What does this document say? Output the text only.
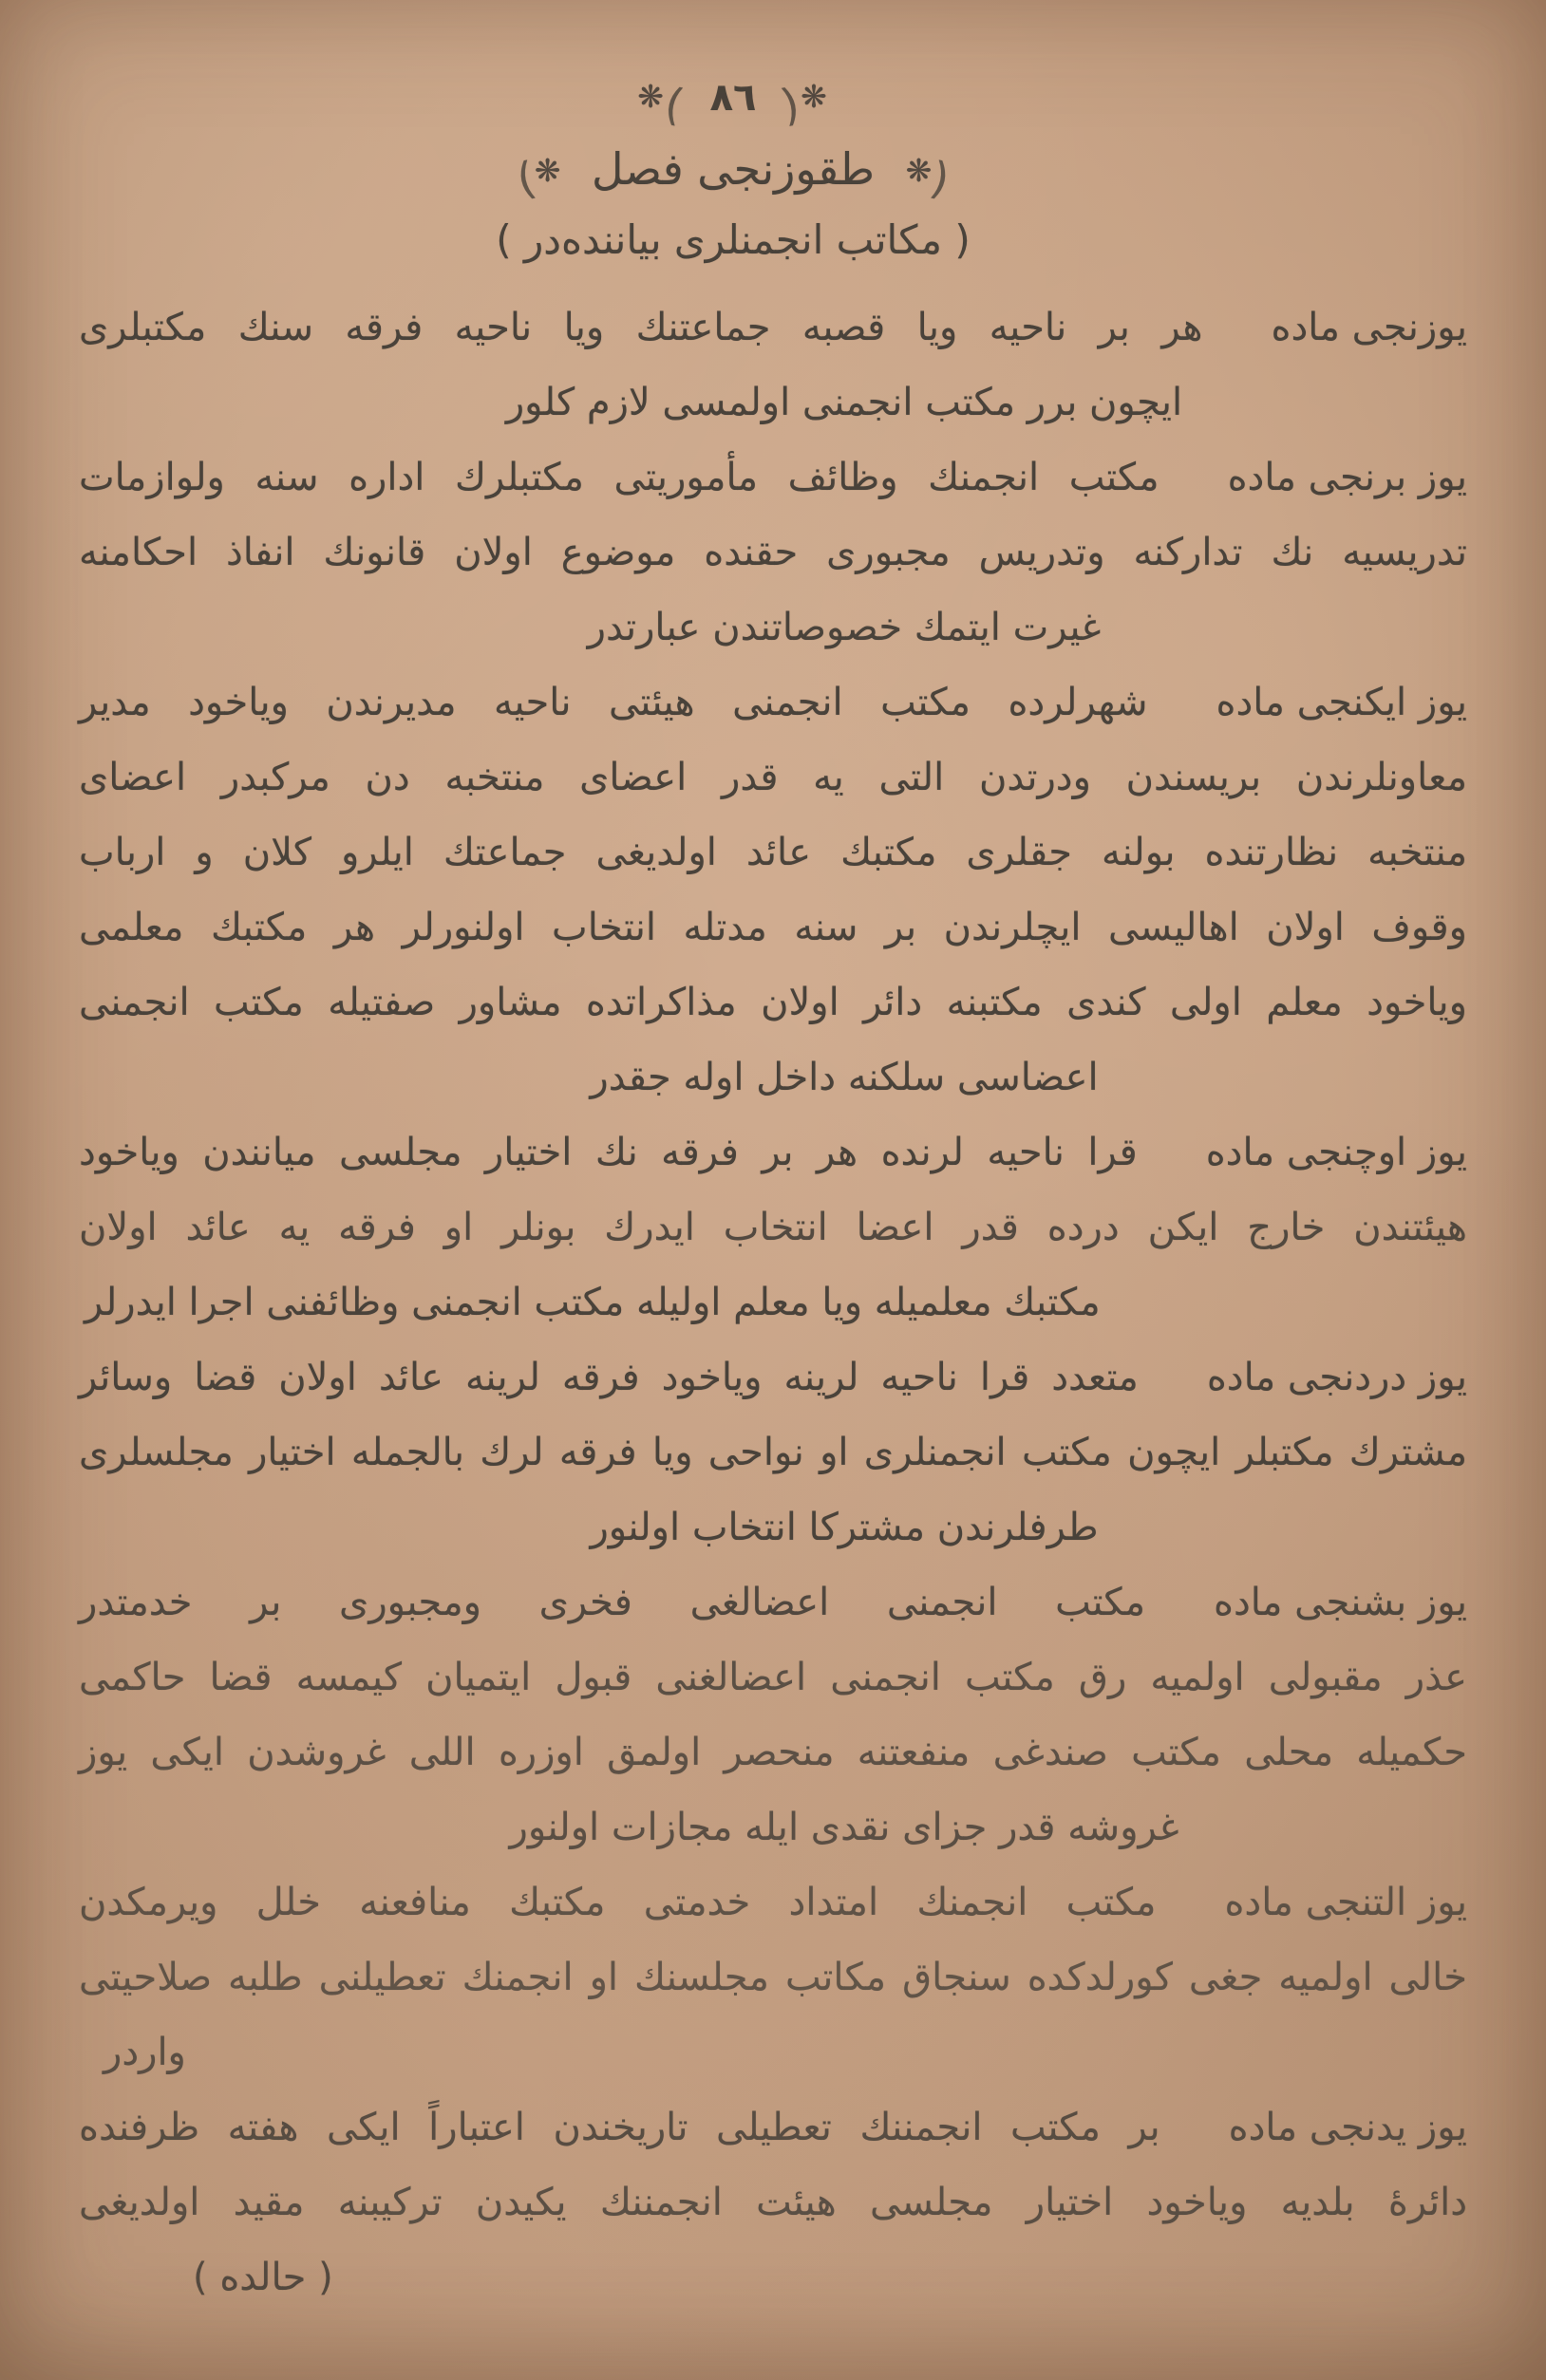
❋( ٨٦ )❋
(❋ طقوزنجى فصل ❋)
( مكاتب انجمنلرى بيانندەدر )
يوزنجى ماده
هر بر ناحيه ويا قصبه جماعتنك ويا ناحيه فرقه سنك مكتبلرى
ايچون برر مكتب انجمنى اولمسى لازم كلور
يوز برنجى ماده
مكتب انجمنك وظائف مأموريتى مكتبلرك اداره سنه ولوازمات
تدريسيه نك تداركنه وتدريس مجبورى حقنده موضوع اولان قانونك انفاذ احكامنه
غيرت ايتمك خصوصاتندن عبارتدر
يوز ايكنجى ماده
شهرلرده مكتب انجمنى هيئتى ناحيه مديرندن وياخود مدير
معاونلرندن بريسندن ودرتدن التى يه قدر اعضاى منتخبه دن مركبدر اعضاى
منتخبه نظارتنده بولنه جقلرى مكتبك عائد اولديغى جماعتك ايلرو كلان و ارباب
وقوف اولان اهاليسى ايچلرندن بر سنه مدتله انتخاب اولنورلر هر مكتبك معلمى
وياخود معلم اولى كندى مكتبنه دائر اولان مذاكراتده مشاور صفتيله مكتب انجمنى
اعضاسى سلكنه داخل اوله جقدر
يوز اوچنجى ماده
قرا ناحيه لرنده هر بر فرقه نك اختيار مجلسى ميانندن وياخود
هيئتندن خارج ايكن درده قدر اعضا انتخاب ايدرك بونلر او فرقه يه عائد اولان
مكتبك معلميله ويا معلم اوليله مكتب انجمنى وظائفنى اجرا ايدرلر
يوز دردنجى ماده
متعدد قرا ناحيه لرينه وياخود فرقه لرينه عائد اولان قضا وسائر
مشترك مكتبلر ايچون مكتب انجمنلرى او نواحى ويا فرقه لرك بالجمله اختيار مجلسلرى
طرفلرندن مشتركا انتخاب اولنور
يوز بشنجى ماده
مكتب انجمنى اعضالغى فخرى ومجبورى بر خدمتدر
عذر مقبولى اولميه رق مكتب انجمنى اعضالغنى قبول ايتميان كيمسه قضا حاكمى
حكميله محلى مكتب صندغى منفعتنه منحصر اولمق اوزره اللى غروشدن ايكى يوز
غروشه قدر جزاى نقدى ايله مجازات اولنور
يوز التنجى ماده
مكتب انجمنك امتداد خدمتى مكتبك منافعنه خلل ويرمكدن
خالى اولميه جغى كورلدكده سنجاق مكاتب مجلسنك او انجمنك تعطيلنى طلبه صلاحيتى
واردر
يوز يدنجى ماده
بر مكتب انجمننك تعطيلى تاريخندن اعتباراً ايكى هفته ظرفنده
دائرهٔ بلديه وياخود اختيار مجلسى هيئت انجمننك يكيدن تركيبنه مقيد اولديغى
( حالده )
